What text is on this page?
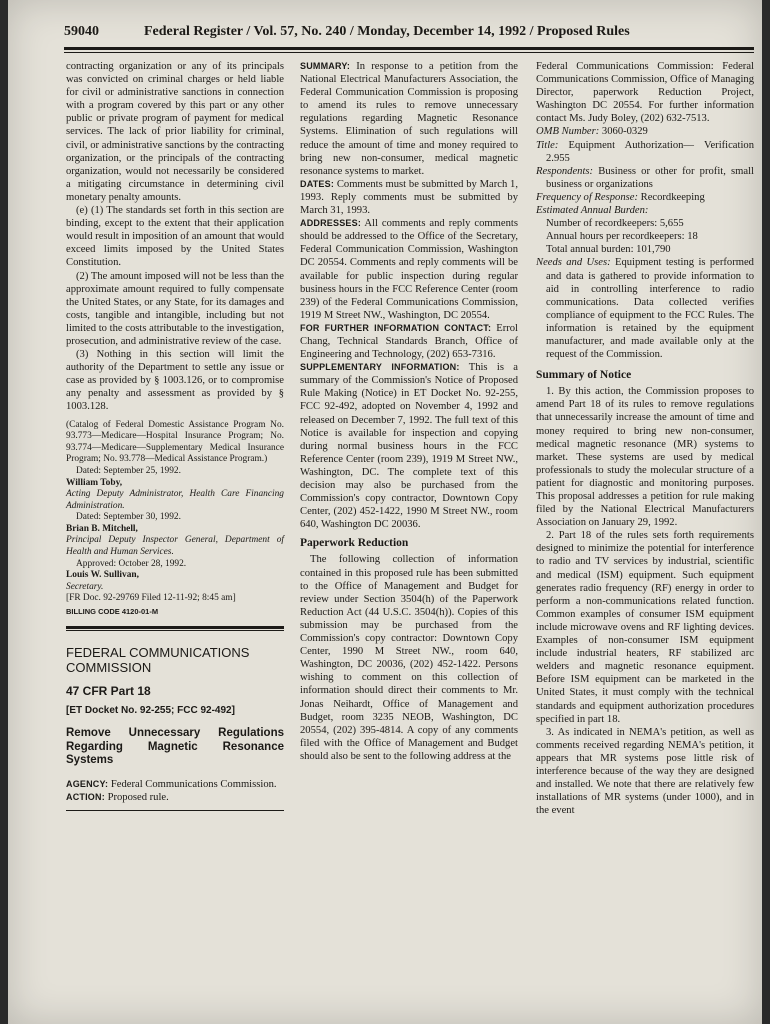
59040	Federal Register / Vol. 57, No. 240 / Monday, December 14, 1992 / Proposed Rules

contracting organization or any of its principals was convicted on criminal charges or held liable for civil or administrative sanctions in connection with a program covered by this part or any other public or private program of payment for medical services. The lack of prior liability for criminal, civil, or administrative sanctions by the contracting organization, or the principals of the contracting organization, would not necessarily be considered a mitigating circumstance in determining civil monetary penalty amounts.

(e) (1) The standards set forth in this section are binding, except to the extent that their application would result in imposition of an amount that would exceed limits imposed by the United States Constitution.

(2) The amount imposed will not be less than the approximate amount required to fully compensate the United States, or any State, for its damages and costs, tangible and intangible, including but not limited to the costs attributable to the investigation, prosecution, and administrative review of the case.

(3) Nothing in this section will limit the authority of the Department to settle any issue or case as provided by § 1003.126, or to compromise any penalty and assessment as provided by § 1003.128.

(Catalog of Federal Domestic Assistance Program No. 93.773—Medicare—Hospital Insurance Program; No. 93.774—Medicare—Supplementary Medical Insurance Program; No. 93.778—Medical Assistance Program.)

Dated: September 25, 1992.

William Toby,

Acting Deputy Administrator, Health Care Financing Administration.

Dated: September 30, 1992.

Brian B. Mitchell,

Principal Deputy Inspector General, Department of Health and Human Services.

Approved: October 28, 1992.

Louis W. Sullivan,

Secretary.

[FR Doc. 92-29769 Filed 12-11-92; 8:45 am]

BILLING CODE 4120-01-M

FEDERAL COMMUNICATIONS
COMMISSION
47 CFR Part 18
[ET Docket No. 92-255; FCC 92-492]
Remove Unnecessary Regulations Regarding Magnetic Resonance Systems

AGENCY: Federal Communications Commission.

ACTION: Proposed rule.

SUMMARY: In response to a petition from the National Electrical Manufacturers Association, the Federal Communication Commission is proposing to amend its rules to remove unnecessary regulations regarding Magnetic Resonance Systems. Elimination of such regulations will reduce the amount of time and money required to bring new non-consumer, medical magnetic resonance systems to market.

DATES: Comments must be submitted by March 1, 1993. Reply comments must be submitted by March 31, 1993.

ADDRESSES: All comments and reply comments should be addressed to the Office of the Secretary, Federal Communication Commission, Washington DC 20554. Comments and reply comments will be available for public inspection during regular business hours in the FCC Reference Center (room 239) of the Federal Communications Commission, 1919 M Street NW., Washington, DC 20554.

FOR FURTHER INFORMATION CONTACT: Errol Chang, Technical Standards Branch, Office of Engineering and Technology, (202) 653-7316.

SUPPLEMENTARY INFORMATION: This is a summary of the Commission's Notice of Proposed Rule Making (Notice) in ET Docket No. 92-255, FCC 92-492, adopted on November 4, 1992 and released on December 7, 1992. The full text of this Notice is available for inspection and copying during normal business hours in the FCC Reference Center (room 239), 1919 M Street NW., Washington, DC. The complete text of this decision may also be purchased from the Commission's copy contractor, Downtown Copy Center, (202) 452-1422, 1990 M Street NW., room 640, Washington DC 20036.

Paperwork Reduction

The following collection of information contained in this proposed rule has been submitted to the Office of Management and Budget for review under Section 3504(h) of the Paperwork Reduction Act (44 U.S.C. 3504(h)). Copies of this submission may be purchased from the Commission's copy contractor: Downtown Copy Center, 1990 M Street NW., room 640, Washington, DC 20036, (202) 452-1422. Persons wishing to comment on this collection of information should direct their comments to Mr. Jonas Neihardt, Office of Management and Budget, room 3235 NEOB, Washington, DC 20554, (202) 395-4814. A copy of any comments filed with the Office of Management and Budget should also be sent to the following address at the

Federal Communications Commission: Federal Communications Commission, Office of Managing Director, paperwork Reduction Project, Washington DC 20554. For further information contact Ms. Judy Boley, (202) 632-7513.

OMB Number: 3060-0329

Title: Equipment Authorization— Verification 2.955

Respondents: Business or other for profit, small business or organizations

Frequency of Response: Recordkeeping

Estimated Annual Burden:

Number of recordkeepers: 5,655

Annual hours per recordkeepers: 18

Total annual burden: 101,790

Needs and Uses: Equipment testing is performed and data is gathered to provide information to aid in controlling interference to radio communications. Data collected verifies compliance of equipment to the FCC Rules. The information is retained by the equipment manufacturer, and made available only at the request of the Commission.

Summary of Notice

1. By this action, the Commission proposes to amend Part 18 of its rules to remove regulations that unnecessarily increase the amount of time and money required to bring new non-consumer, medical magnetic resonance (MR) systems to market. These systems are used by medical professionals to study the molecular structure of a patient for diagnostic and monitoring purposes. This proposal addresses a petition for rule making filed by the National Electrical Manufacturers Association on January 29, 1992.

2. Part 18 of the rules sets forth requirements designed to minimize the potential for interference to radio and TV services by industrial, scientific and medical (ISM) equipment. Such equipment generates radio frequency (RF) energy in order to perform a non-communications related function. Common examples of consumer ISM equipment include microwave ovens and RF lighting devices. Examples of non-consumer ISM equipment include industrial heaters, RF stabilized arc welders and magnetic resonance equipment. Before ISM equipment can be marketed in the United States, it must comply with the technical standards and equipment authorization procedures specified in part 18.

3. As indicated in NEMA's petition, as well as comments received regarding NEMA's petition, it appears that MR systems pose little risk of interference because of the way they are designed and installed. We note that there are relatively few installations of MR systems (under 1000), and in the event
